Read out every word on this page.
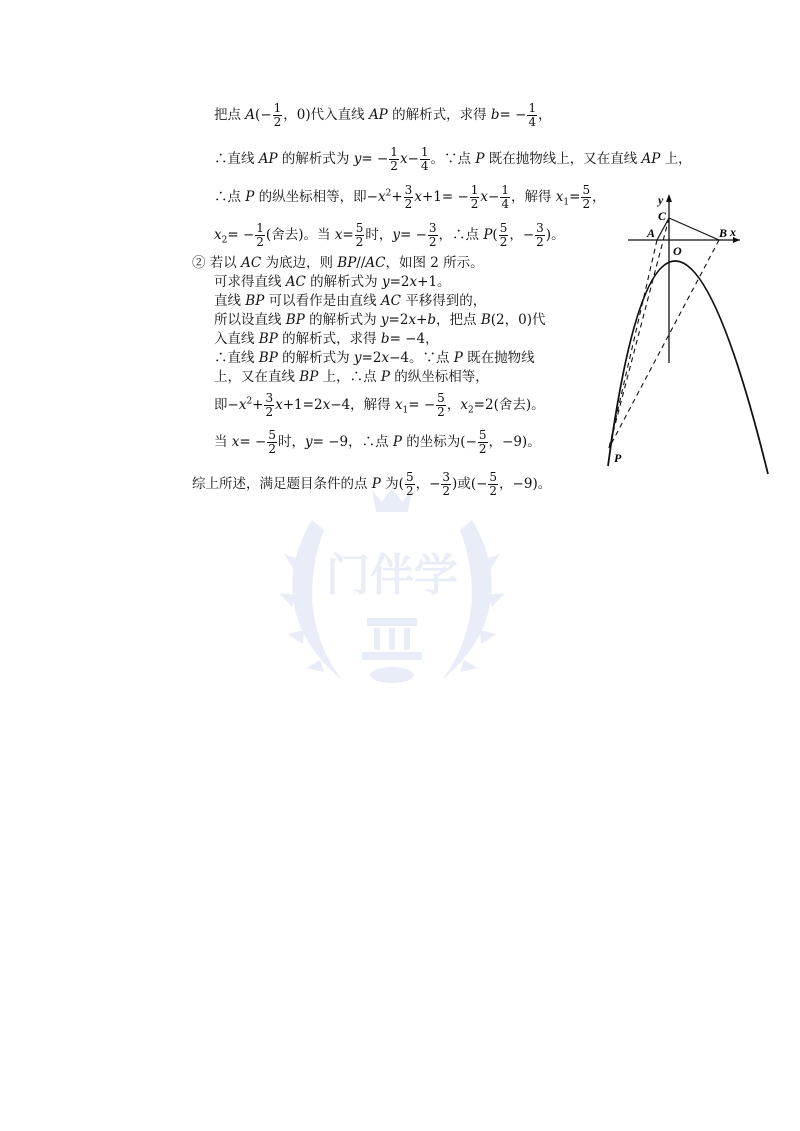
把点 $A(- \frac{1}{2}$ ，0)代入直线 AP 的解析式，求得 $b= - \frac{1}{4}$ ，
∴直线 AP 的解析式为 $y= - \frac{1}{2} x- \frac{1}{4}$ 。∵点 P 既在抛物线上，又在直线 AP 上，
∴点 P 的纵坐标相等，即$-x^2+ \frac{3}{2} x+1= - \frac{1}{2} x- \frac{1}{4}$ ，解得 $x_1= \frac{5}{2}$ ，
$x_2= - \frac{1}{2}$ (舍去)。当 $x= \frac{5}{2}$ 时，$y= - \frac{3}{2}$ ，∴点 $P( \frac{5}{2}$ ，− $\frac{3}{2}$ )。
② 若以 AC 为底边，则 BP//AC，如图 2 所示。
可求得直线 AC 的解析式为 y=2x+1。
直线 BP 可以看作是由直线 AC 平移得到的，
所以设直线 BP 的解析式为 y=2x+b，把点 B(2，0)代
入直线 BP 的解析式，求得 b= −4，
∴直线 BP 的解析式为 y=2x−4。∵点 P 既在抛物线
上，又在直线 BP 上，∴点 P 的纵坐标相等，
即$-x^2+ \frac{3}{2} x+1=2x-4$，解得 $x_1= - \frac{5}{2}$ ，$x_2=2$(舍去)。
当 $x= - \frac{5}{2}$ 时，y= −9，∴点 P 的坐标为(− $\frac{5}{2}$ ，−9)。
综上所述，满足题目条件的点 P 为( $\frac{5}{2}$ ，− $\frac{3}{2}$ )或(− $\frac{5}{2}$ ，−9)。
y
x
C
A
O
B
P
门伴学
